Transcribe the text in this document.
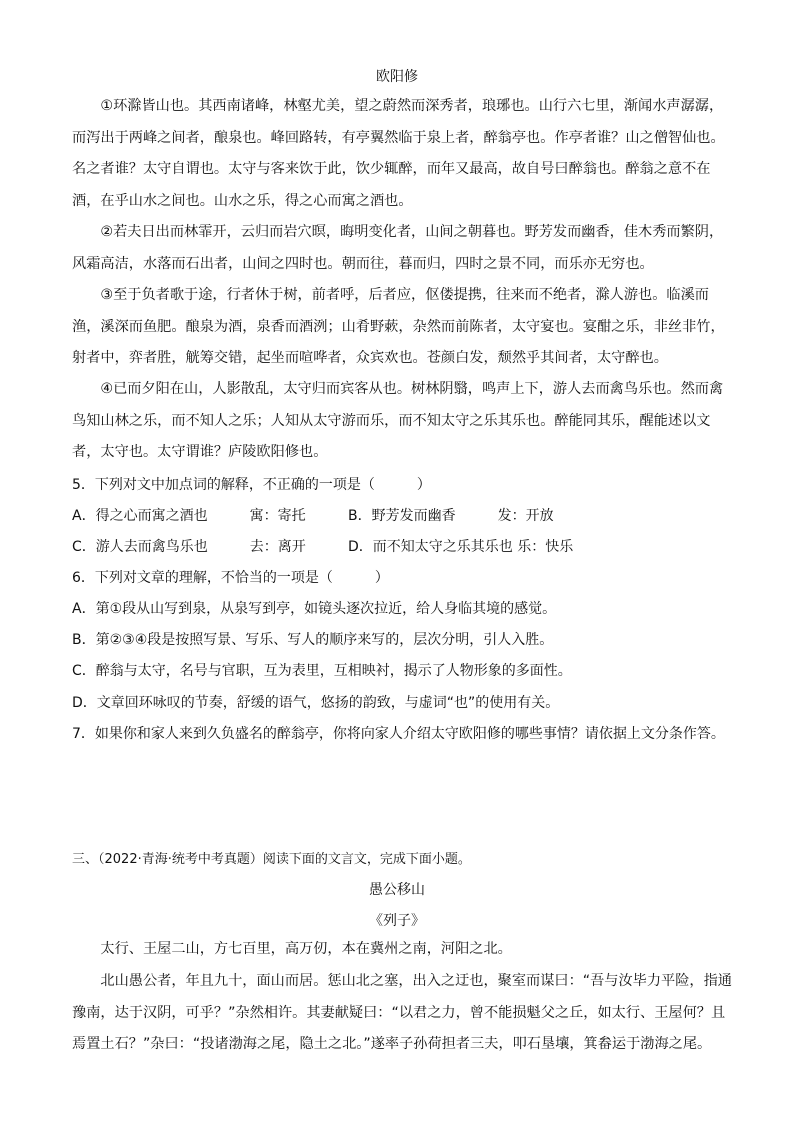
欧阳修
①环滁皆山也。其西南诸峰，林壑尤美，望之蔚然而深秀者，琅琊也。山行六七里，渐闻水声潺潺，而泻出于两峰之间者，酿泉也。峰回路转，有亭翼然临于泉上者，醉翁亭也。作亭者谁？山之僧智仙也。名之者谁？太守自谓也。太守与客来饮于此，饮少辄醉，而年又最高，故自号曰醉翁也。醉翁之意不在酒，在乎山水之间也。山水之乐，得之心而寓之酒也。
②若夫日出而林霏开，云归而岩穴暝，晦明变化者，山间之朝暮也。野芳发而幽香，佳木秀而繁阴，风霜高洁，水落而石出者，山间之四时也。朝而往，暮而归，四时之景不同，而乐亦无穷也。
③至于负者歌于途，行者休于树，前者呼，后者应，伛偻提携，往来而不绝者，滁人游也。临溪而渔，溪深而鱼肥。酿泉为酒，泉香而酒洌；山肴野蔌，杂然而前陈者，太守宴也。宴酣之乐，非丝非竹，射者中，弈者胜，觥筹交错，起坐而喧哗者，众宾欢也。苍颜白发，颓然乎其间者，太守醉也。
④已而夕阳在山，人影散乱，太守归而宾客从也。树林阴翳，鸣声上下，游人去而禽鸟乐也。然而禽鸟知山林之乐，而不知人之乐；人知从太守游而乐，而不知太守之乐其乐也。醉能同其乐，醒能述以文者，太守也。太守谓谁？庐陵欧阳修也。
5．下列对文中加点词的解释，不正确的一项是（　　　）
A．得之心而寓之酒也　　　寓：寄托	B．野芳发而幽香　　　发：开放
C．游人去而禽鸟乐也　　　去：离开	D．而不知太守之乐其乐也 乐：快乐
6．下列对文章的理解，不恰当的一项是（　　　）
A．第①段从山写到泉，从泉写到亭，如镜头逐次拉近，给人身临其境的感觉。
B．第②③④段是按照写景、写乐、写人的顺序来写的，层次分明，引人入胜。
C．醉翁与太守，名号与官职，互为表里，互相映衬，揭示了人物形象的多面性。
D．文章回环咏叹的节奏，舒缓的语气，悠扬的韵致，与虚词“也”的使用有关。
7．如果你和家人来到久负盛名的醉翁亭，你将向家人介绍太守欧阳修的哪些事情？请依据上文分条作答。
三、（2022·青海·统考中考真题）阅读下面的文言文，完成下面小题。
愚公移山
《列子》
太行、王屋二山，方七百里，高万仞，本在冀州之南，河阳之北。
北山愚公者，年且九十，面山而居。惩山北之塞，出入之迂也，聚室而谋曰：“吾与汝毕力平险，指通豫南，达于汉阴，可乎？”杂然相许。其妻献疑曰：“以君之力，曾不能损魁父之丘，如太行、王屋何？且焉置土石？”杂曰：“投诸渤海之尾，隐土之北。”遂率子孙荷担者三夫，叩石垦壤，箕畚运于渤海之尾。
